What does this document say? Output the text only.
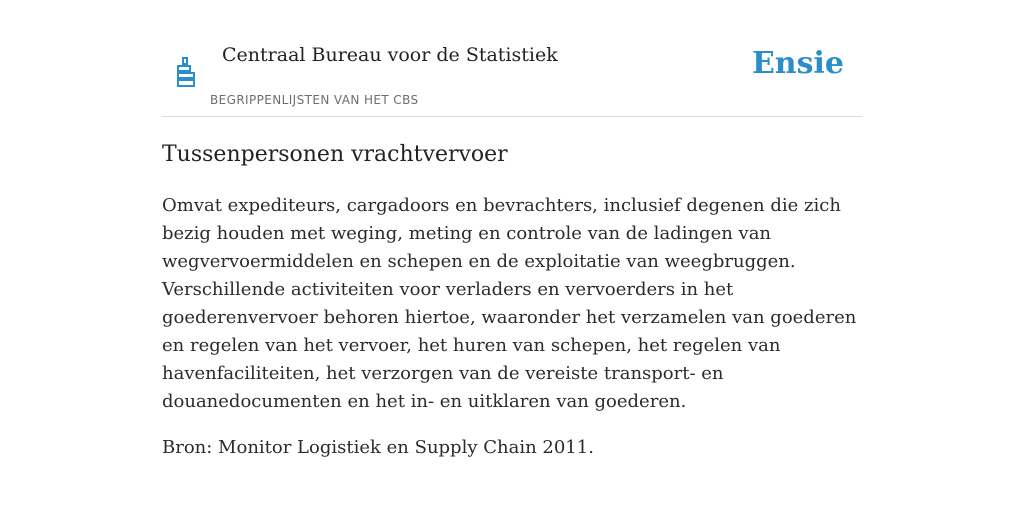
Centraal Bureau voor de Statistiek
BEGRIPPENLIJSTEN VAN HET CBS
Ensie
Tussenpersonen vrachtvervoer

Omvat expediteurs, cargadoors en bevrachters, inclusief degenen die zich bezig houden met weging, meting en controle van de ladingen van wegvervoermiddelen en schepen en de exploitatie van weegbruggen. Verschillende activiteiten voor verladers en vervoerders in het goederenvervoer behoren hiertoe, waaronder het verzamelen van goederen en regelen van het vervoer, het huren van schepen, het regelen van havenfaciliteiten, het verzorgen van de vereiste transport- en douanedocumenten en het in- en uitklaren van goederen.

Bron: Monitor Logistiek en Supply Chain 2011.
